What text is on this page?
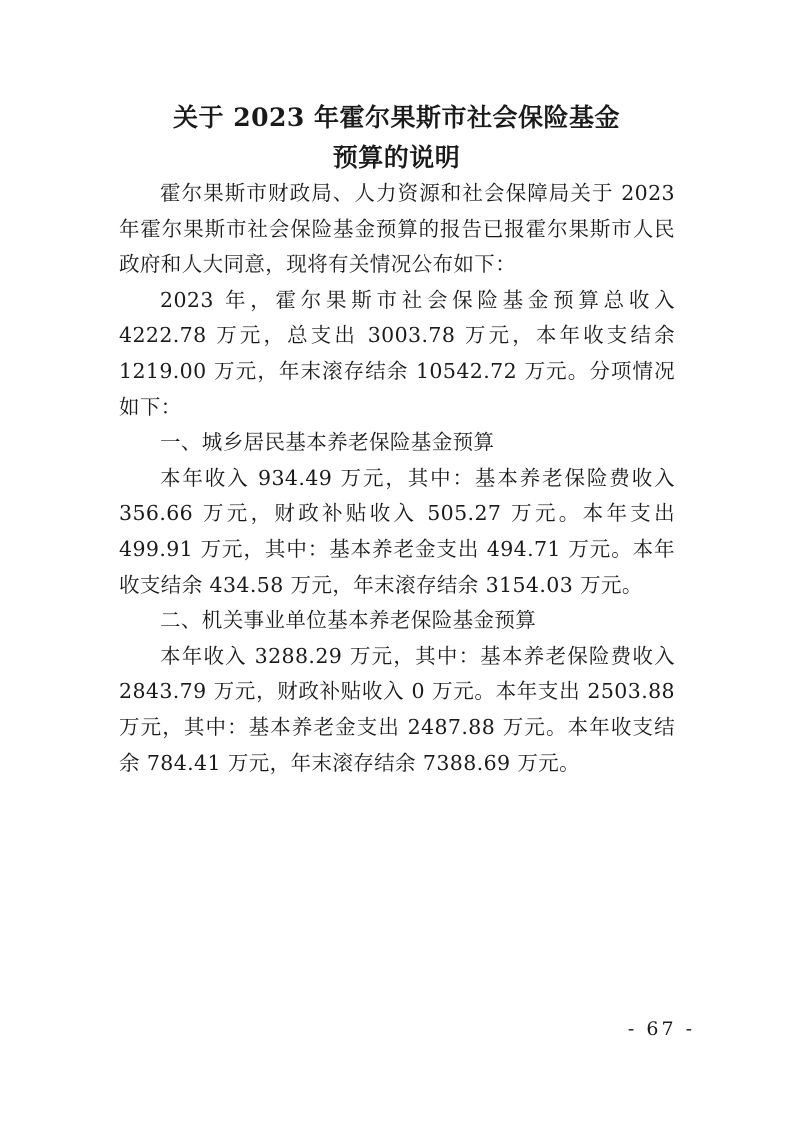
关于 2023 年霍尔果斯市社会保险基金
预算的说明

霍尔果斯市财政局、人力资源和社会保障局关于 2023 年霍尔果斯市社会保险基金预算的报告已报霍尔果斯市人民政府和人大同意，现将有关情况公布如下：

2023 年，霍尔果斯市社会保险基金预算总收入 4222.78 万元，总支出 3003.78 万元，本年收支结余 1219.00 万元，年末滚存结余 10542.72 万元。分项情况如下：

一、城乡居民基本养老保险基金预算

本年收入 934.49 万元，其中：基本养老保险费收入 356.66 万元，财政补贴收入 505.27 万元。本年支出 499.91 万元，其中：基本养老金支出 494.71 万元。本年收支结余 434.58 万元，年末滚存结余 3154.03 万元。

二、机关事业单位基本养老保险基金预算

本年收入 3288.29 万元，其中：基本养老保险费收入 2843.79 万元，财政补贴收入 0 万元。本年支出 2503.88 万元，其中：基本养老金支出 2487.88 万元。本年收支结余 784.41 万元，年末滚存结余 7388.69 万元。

- 67 -
